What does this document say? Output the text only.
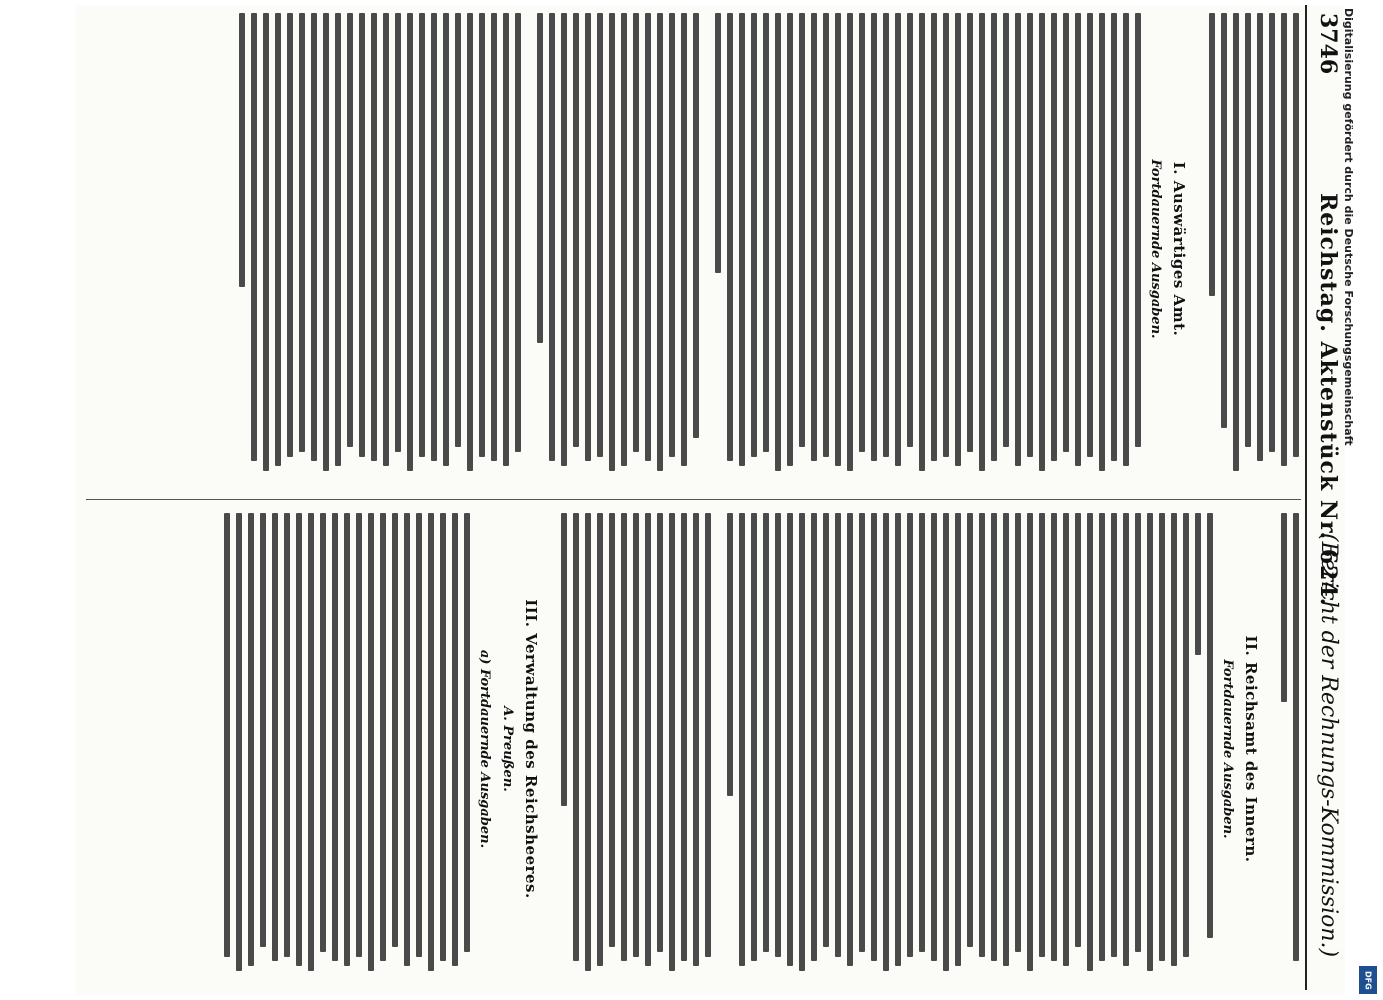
3746
Reichstag. Aktenstück Nr. 624.
(Bericht der Rechnungs-Kommission.)
I. Auswärtiges Amt.
Fortdauernde Ausgaben.
II. Reichsamt des Innern.
Fortdauernde Ausgaben.
III. Verwaltung des Reichsheeres.
A. Preußen.
a) Fortdauernde Ausgaben.
Digitalisierung gefördert durch die Deutsche Forschungsgemeinschaft
DFG
